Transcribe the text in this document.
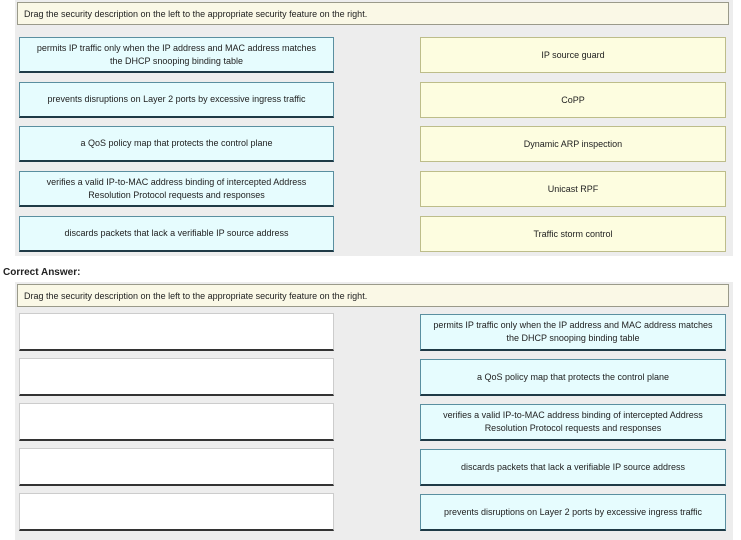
Drag the security description on the left to the appropriate security feature on the right.
permits IP traffic only when the IP address and MAC address matches the DHCP snooping binding table
prevents disruptions on Layer 2 ports by excessive ingress traffic
a QoS policy map that protects the control plane
verifies a valid IP-to-MAC address binding of intercepted Address Resolution Protocol requests and responses
discards packets that lack a verifiable IP source address
IP source guard
CoPP
Dynamic ARP inspection
Unicast RPF
Traffic storm control
Correct Answer:
Drag the security description on the left to the appropriate security feature on the right.
permits IP traffic only when the IP address and MAC address matches the DHCP snooping binding table
a QoS policy map that protects the control plane
verifies a valid IP-to-MAC address binding of intercepted Address Resolution Protocol requests and responses
discards packets that lack a verifiable IP source address
prevents disruptions on Layer 2 ports by excessive ingress traffic
